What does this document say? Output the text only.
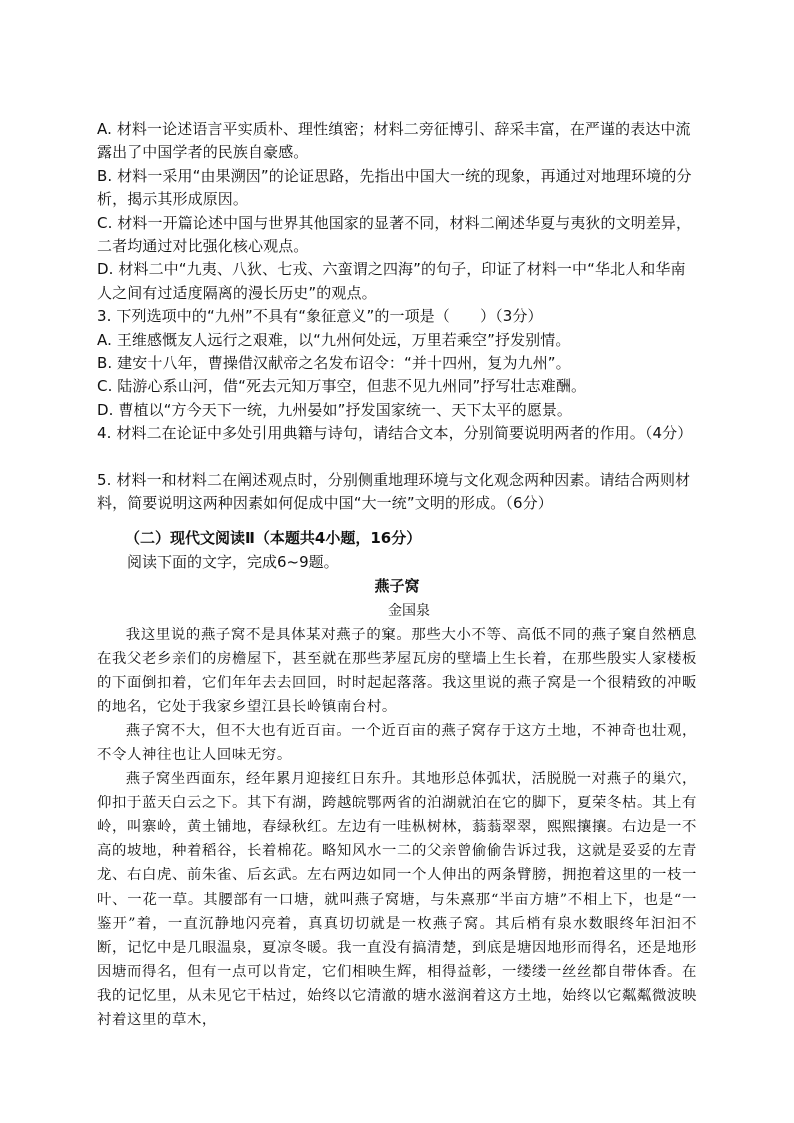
A. 材料一论述语言平实质朴、理性缜密；材料二旁征博引、辞采丰富，在严谨的表达中流露出了中国学者的民族自豪感。

B. 材料一采用“由果溯因”的论证思路，先指出中国大一统的现象，再通过对地理环境的分析，揭示其形成原因。

C. 材料一开篇论述中国与世界其他国家的显著不同，材料二阐述华夏与夷狄的文明差异，二者均通过对比强化核心观点。

D. 材料二中“九夷、八狄、七戎、六蛮谓之四海”的句子，印证了材料一中“华北人和华南人之间有过适度隔离的漫长历史”的观点。

3. 下列选项中的“九州”不具有“象征意义”的一项是（　　）（3分）

A. 王维感慨友人远行之艰难，以“九州何处远，万里若乘空”抒发别情。

B. 建安十八年，曹操借汉献帝之名发布诏令：“并十四州，复为九州”。

C. 陆游心系山河，借“死去元知万事空，但悲不见九州同”抒写壮志难酬。

D. 曹植以“方今天下一统，九州晏如”抒发国家统一、天下太平的愿景。

4. 材料二在论证中多处引用典籍与诗句，请结合文本，分别简要说明两者的作用。（4分）

5. 材料一和材料二在阐述观点时，分别侧重地理环境与文化观念两种因素。请结合两则材料，简要说明这两种因素如何促成中国“大一统”文明的形成。（6分）

（二）现代文阅读Ⅱ（本题共4小题，16分）
阅读下面的文字，完成6~9题。
燕子窝
金国泉

我这里说的燕子窝不是具体某对燕子的窠。那些大小不等、高低不同的燕子窠自然栖息在我父老乡亲们的房檐屋下，甚至就在那些茅屋瓦房的壁墙上生长着，在那些殷实人家楼板的下面倒扣着，它们年年去去回回，时时起起落落。我这里说的燕子窝是一个很精致的冲畈的地名，它处于我家乡望江县长岭镇南台村。

燕子窝不大，但不大也有近百亩。一个近百亩的燕子窝存于这方土地，不神奇也壮观，不令人神往也让人回味无穷。

燕子窝坐西面东，经年累月迎接红日东升。其地形总体弧状，活脱脱一对燕子的巢穴，仰扣于蓝天白云之下。其下有湖，跨越皖鄂两省的泊湖就泊在它的脚下，夏荣冬枯。其上有岭，叫寨岭，黄土铺地，春绿秋红。左边有一哇枞树林，蓊蓊翠翠，熙熙攘攘。右边是一不高的坡地，种着稻谷，长着棉花。略知风水一二的父亲曾偷偷告诉过我，这就是妥妥的左青龙、右白虎、前朱雀、后玄武。左右两边如同一个人伸出的两条臂膀，拥抱着这里的一枝一叶、一花一草。其腰部有一口塘，就叫燕子窝塘，与朱熹那“半亩方塘”不相上下，也是“一鉴开”着，一直沉静地闪亮着，真真切切就是一枚燕子窝。其后梢有泉水数眼终年汩汩不断，记忆中是几眼温泉，夏凉冬暖。我一直没有搞清楚，到底是塘因地形而得名，还是地形因塘而得名，但有一点可以肯定，它们相映生辉，相得益彰，一缕缕一丝丝都自带体香。在我的记忆里，从未见它干枯过，始终以它清澈的塘水滋润着这方土地，始终以它粼粼微波映衬着这里的草木，
